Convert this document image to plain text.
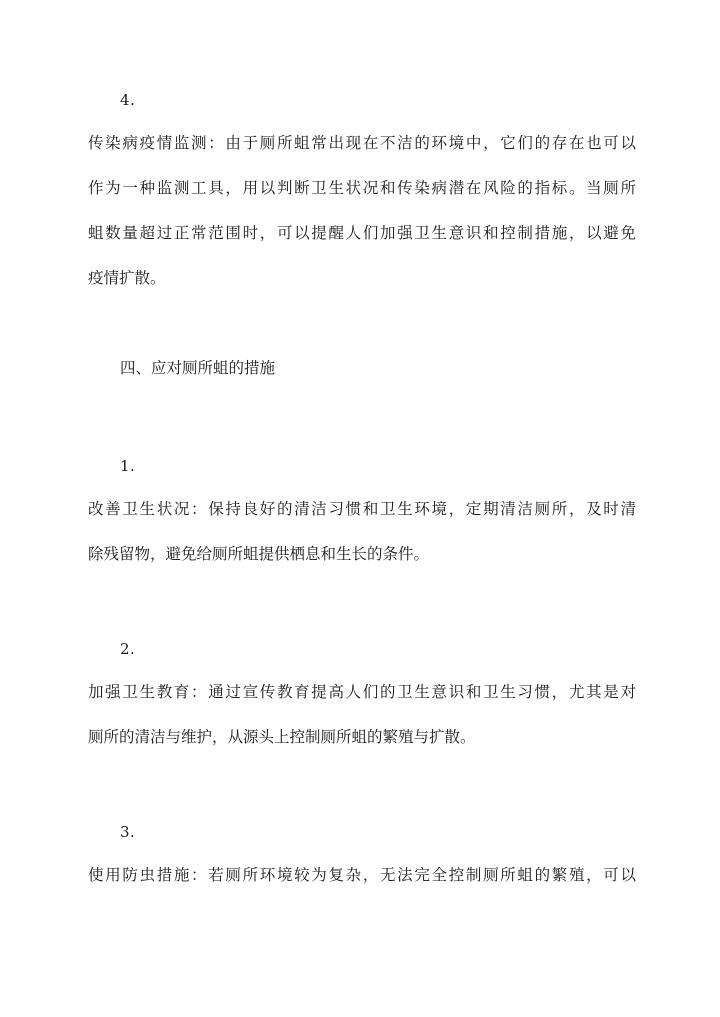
4.
传染病疫情监测：由于厕所蛆常出现在不洁的环境中，它们的存在也可以
作为一种监测工具，用以判断卫生状况和传染病潜在风险的指标。当厕所
蛆数量超过正常范围时，可以提醒人们加强卫生意识和控制措施，以避免
疫情扩散。
四、应对厕所蛆的措施
1.
改善卫生状况：保持良好的清洁习惯和卫生环境，定期清洁厕所，及时清
除残留物，避免给厕所蛆提供栖息和生长的条件。
2.
加强卫生教育：通过宣传教育提高人们的卫生意识和卫生习惯，尤其是对
厕所的清洁与维护，从源头上控制厕所蛆的繁殖与扩散。
3.
使用防虫措施：若厕所环境较为复杂，无法完全控制厕所蛆的繁殖，可以
